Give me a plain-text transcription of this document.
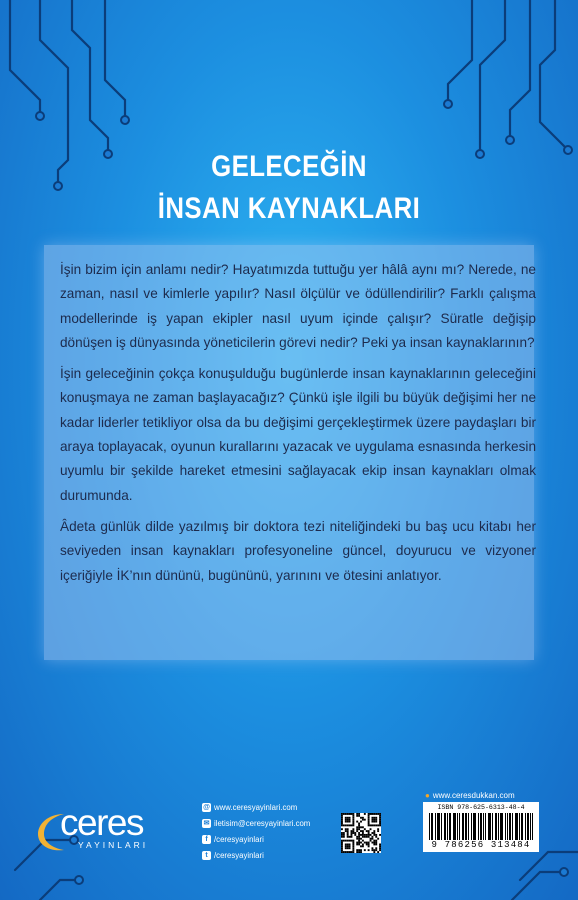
GELECEĞİN
İNSAN KAYNAKLARI

İşin bizim için anlamı nedir? Hayatımızda tuttuğu yer hâlâ aynı mı? Nerede, ne zaman, nasıl ve kimlerle yapılır? Nasıl ölçülür ve ödüllendirilir? Farklı çalışma modellerinde iş yapan ekipler nasıl uyum içinde çalışır? Süratle değişip dönüşen iş dünyasında yöneticilerin görevi nedir? Peki ya insan kaynaklarının?

İşin geleceğinin çokça konuşulduğu bugünlerde insan kaynaklarının geleceğini konuşmaya ne zaman başlayacağız? Çünkü işle ilgili bu büyük değişimi her ne kadar liderler tetikliyor olsa da bu değişimi gerçekleştirmek üzere paydaşları bir araya toplayacak, oyunun kurallarını yazacak ve uygulama esnasında herkesin uyumlu bir şekilde hareket etmesini sağlayacak ekip insan kaynakları olmak durumunda.

Âdeta günlük dilde yazılmış bir doktora tezi niteliğindeki bu baş ucu kitabı her seviyeden insan kaynakları profesyoneline güncel, doyurucu ve vizyoner içeriğiyle İK’nın dününü, bugününü, yarınını ve ötesini anlatıyor.

ceres
YAYINLARI
@ www.ceresyayinlari.com
✉ iletisim@ceresyayinlari.com
f /ceresyayinlari
t /ceresyayinlari
● www.ceresdukkan.com
ISBN 978-625-6313-48-4
9 786256 313484
